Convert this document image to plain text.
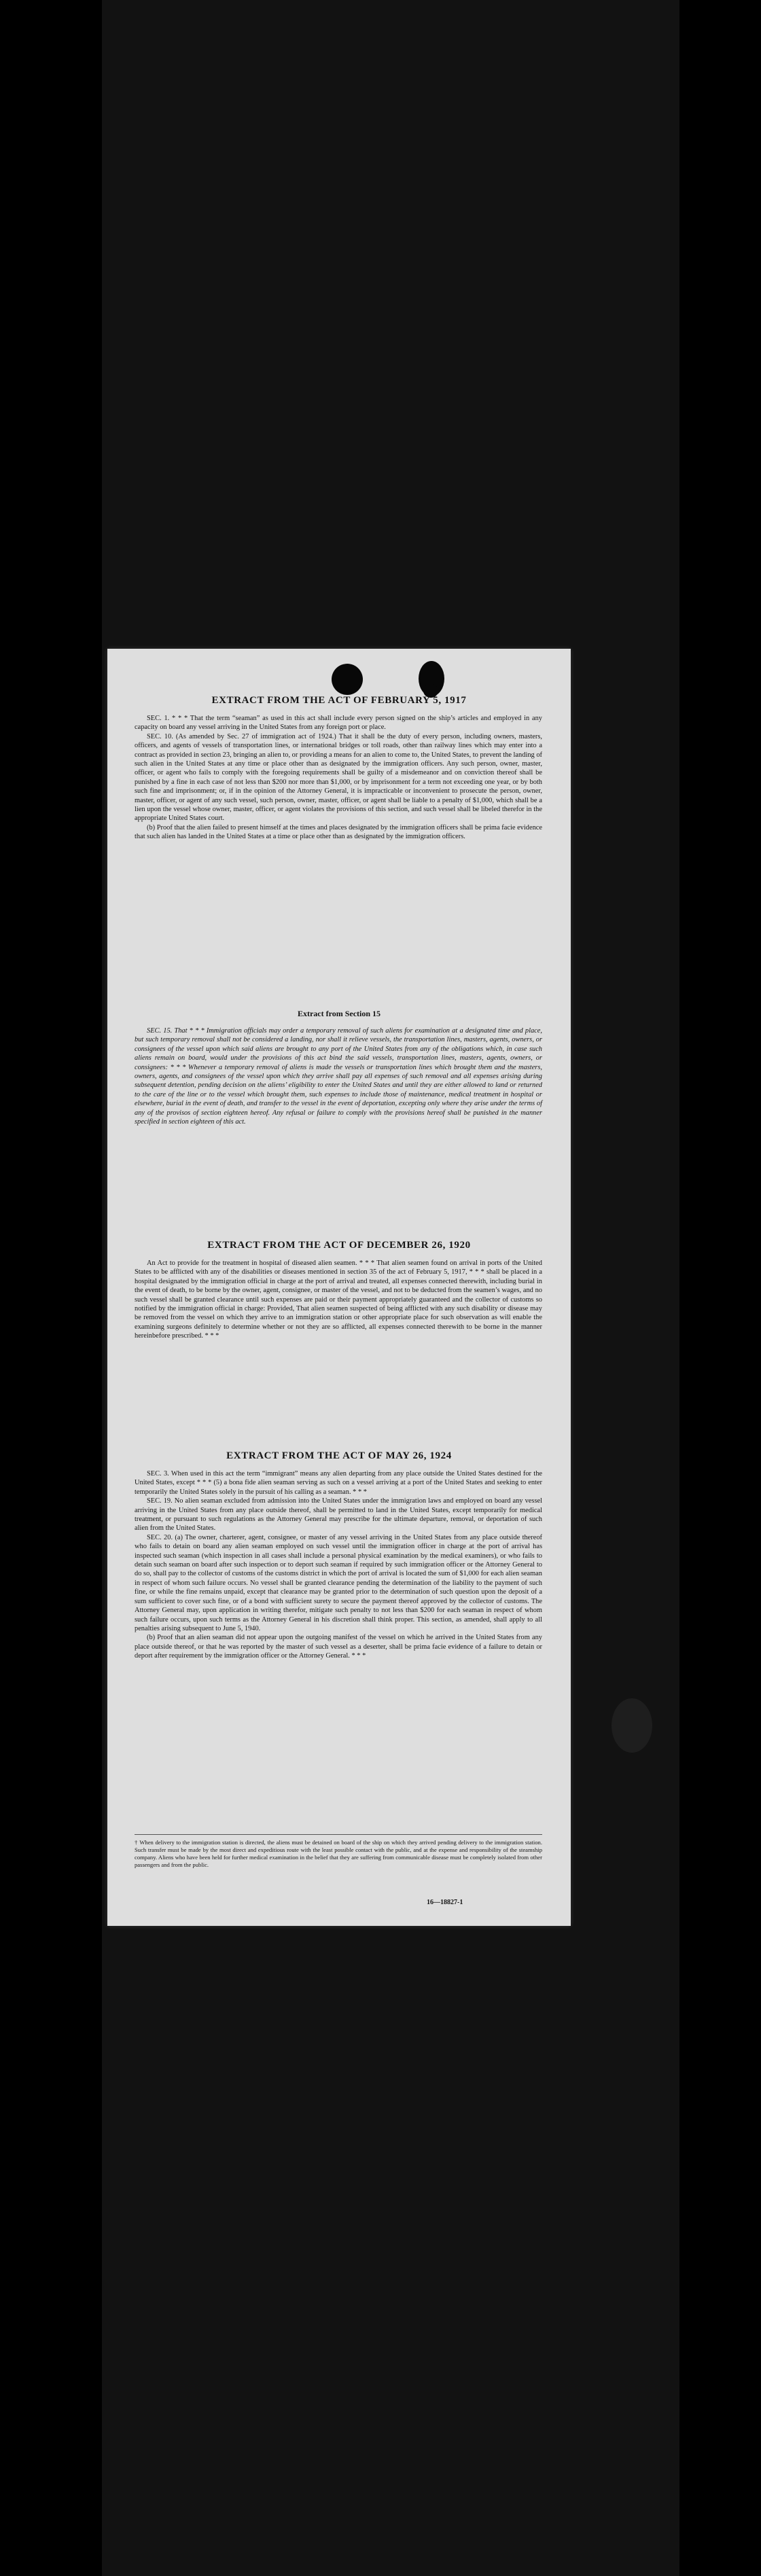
EXTRACT FROM THE ACT OF FEBRUARY 5, 1917

SEC. 1. * * * That the term “seaman” as used in this act shall include every person signed on the ship’s articles and employed in any capacity on board any vessel arriving in the United States from any foreign port or place.

SEC. 10. (As amended by Sec. 27 of immigration act of 1924.) That it shall be the duty of every person, including owners, masters, officers, and agents of vessels of transportation lines, or international bridges or toll roads, other than railway lines which may enter into a contract as provided in section 23, bringing an alien to, or providing a means for an alien to come to, the United States, to prevent the landing of such alien in the United States at any time or place other than as designated by the immigration officers. Any such person, owner, master, officer, or agent who fails to comply with the foregoing requirements shall be guilty of a misdemeanor and on conviction thereof shall be punished by a fine in each case of not less than $200 nor more than $1,000, or by imprisonment for a term not exceeding one year, or by both such fine and imprisonment; or, if in the opinion of the Attorney General, it is impracticable or inconvenient to prosecute the person, owner, master, officer, or agent of any such vessel, such person, owner, master, officer, or agent shall be liable to a penalty of $1,000, which shall be a lien upon the vessel whose owner, master, officer, or agent violates the provisions of this section, and such vessel shall be libeled therefor in the appropriate United States court.

(b) Proof that the alien failed to present himself at the times and places designated by the immigration officers shall be prima facie evidence that such alien has landed in the United States at a time or place other than as designated by the immigration officers.

Extract from Section 15

SEC. 15. That * * * Immigration officials may order a temporary removal of such aliens for examination at a designated time and place, but such temporary removal shall not be considered a landing, nor shall it relieve vessels, the transportation lines, masters, agents, owners, or consignees of the vessel upon which said aliens are brought to any port of the United States from any of the obligations which, in case such aliens remain on board, would under the provisions of this act bind the said vessels, transportation lines, masters, agents, owners, or consignees: * * * Whenever a temporary removal of aliens is made the vessels or transportation lines which brought them and the masters, owners, agents, and consignees of the vessel upon which they arrive shall pay all expenses of such removal and all expenses arising during subsequent detention, pending decision on the aliens’ eligibility to enter the United States and until they are either allowed to land or returned to the care of the line or to the vessel which brought them, such expenses to include those of maintenance, medical treatment in hospital or elsewhere, burial in the event of death, and transfer to the vessel in the event of deportation, excepting only where they arise under the terms of any of the provisos of section eighteen hereof. Any refusal or failure to comply with the provisions hereof shall be punished in the manner specified in section eighteen of this act.

EXTRACT FROM THE ACT OF DECEMBER 26, 1920

An Act to provide for the treatment in hospital of diseased alien seamen. * * * That alien seamen found on arrival in ports of the United States to be afflicted with any of the disabilities or diseases mentioned in section 35 of the act of February 5, 1917, * * * shall be placed in a hospital designated by the immigration official in charge at the port of arrival and treated, all expenses connected therewith, including burial in the event of death, to be borne by the owner, agent, consignee, or master of the vessel, and not to be deducted from the seamen’s wages, and no such vessel shall be granted clearance until such expenses are paid or their payment appropriately guaranteed and the collector of customs so notified by the immigration official in charge: Provided, That alien seamen suspected of being afflicted with any such disability or disease may be removed from the vessel on which they arrive to an immigration station or other appropriate place for such observation as will enable the examining surgeons definitely to determine whether or not they are so afflicted, all expenses connected therewith to be borne in the manner hereinbefore prescribed. * * *

EXTRACT FROM THE ACT OF MAY 26, 1924

SEC. 3. When used in this act the term “immigrant” means any alien departing from any place outside the United States destined for the United States, except * * * (5) a bona fide alien seaman serving as such on a vessel arriving at a port of the United States and seeking to enter temporarily the United States solely in the pursuit of his calling as a seaman. * * *

SEC. 19. No alien seaman excluded from admission into the United States under the immigration laws and employed on board any vessel arriving in the United States from any place outside thereof, shall be permitted to land in the United States, except temporarily for medical treatment, or pursuant to such regulations as the Attorney General may prescribe for the ultimate departure, removal, or deportation of such alien from the United States.

SEC. 20. (a) The owner, charterer, agent, consignee, or master of any vessel arriving in the United States from any place outside thereof who fails to detain on board any alien seaman employed on such vessel until the immigration officer in charge at the port of arrival has inspected such seaman (which inspection in all cases shall include a personal physical examination by the medical examiners), or who fails to detain such seaman on board after such inspection or to deport such seaman if required by such immigration officer or the Attorney General to do so, shall pay to the collector of customs of the customs district in which the port of arrival is located the sum of $1,000 for each alien seaman in respect of whom such failure occurs. No vessel shall be granted clearance pending the determination of the liability to the payment of such fine, or while the fine remains unpaid, except that clearance may be granted prior to the determination of such question upon the deposit of a sum sufficient to cover such fine, or of a bond with sufficient surety to secure the payment thereof approved by the collector of customs. The Attorney General may, upon application in writing therefor, mitigate such penalty to not less than $200 for each seaman in respect of whom such failure occurs, upon such terms as the Attorney General in his discretion shall think proper. This section, as amended, shall apply to all penalties arising subsequent to June 5, 1940.

(b) Proof that an alien seaman did not appear upon the outgoing manifest of the vessel on which he arrived in the United States from any place outside thereof, or that he was reported by the master of such vessel as a deserter, shall be prima facie evidence of a failure to detain or deport after requirement by the immigration officer or the Attorney General. * * *

† When delivery to the immigration station is directed, the aliens must be detained on board of the ship on which they arrived pending delivery to the immigration station. Such transfer must be made by the most direct and expeditious route with the least possible contact with the public, and at the expense and responsibility of the steamship company. Aliens who have been held for further medical examination in the belief that they are suffering from communicable disease must be completely isolated from other passengers and from the public.
16—18827-1
